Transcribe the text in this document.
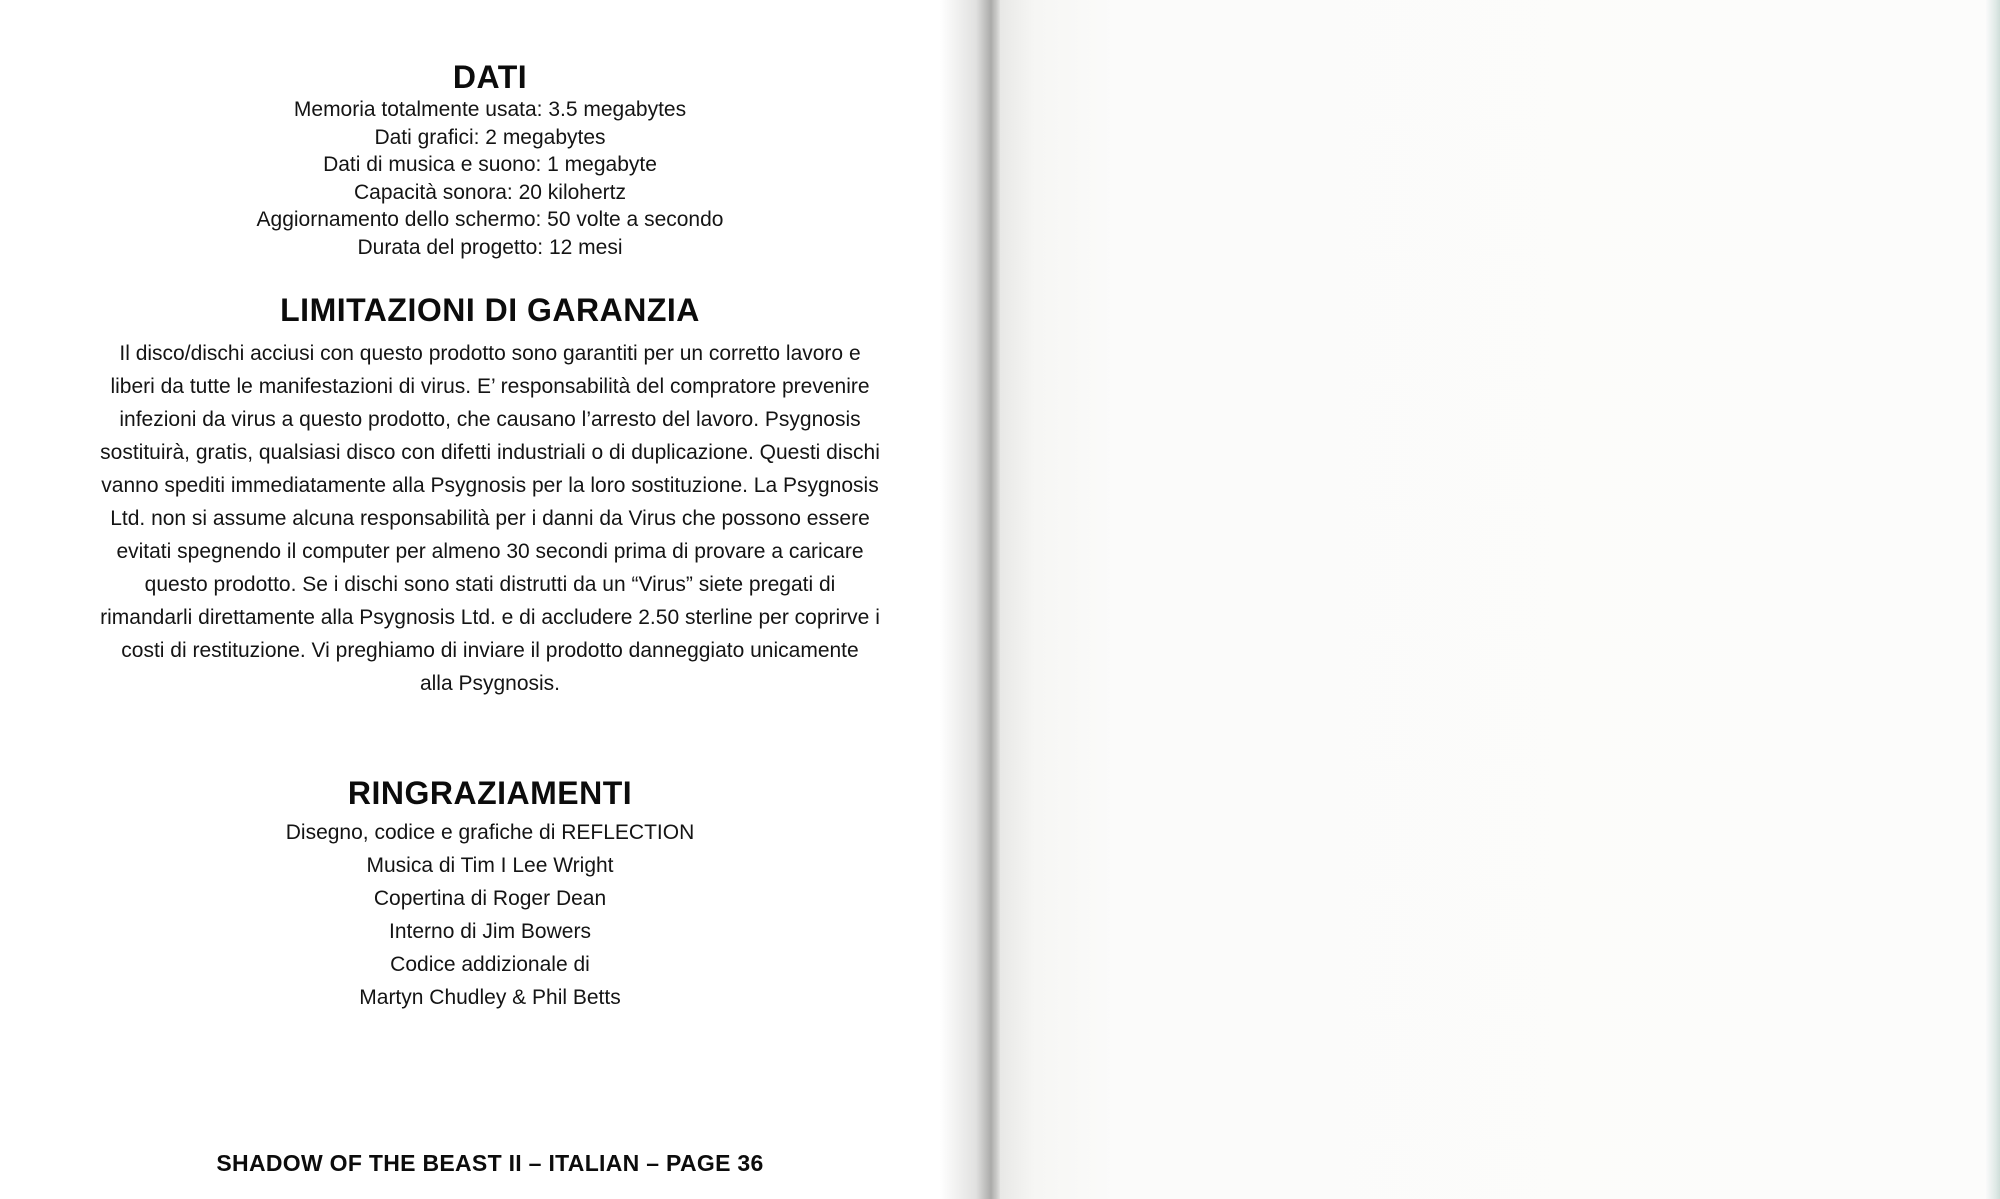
DATI
Memoria totalmente usata: 3.5 megabytes
Dati grafici: 2 megabytes
Dati di musica e suono: 1 megabyte
Capacità sonora: 20 kilohertz
Aggiornamento dello schermo: 50 volte a secondo
Durata del progetto: 12 mesi
LIMITAZIONI DI GARANZIA
Il disco/dischi acciusi con questo prodotto sono garantiti per un corretto lavoro e
liberi da tutte le manifestazioni di virus. E’ responsabilità del compratore prevenire
infezioni da virus a questo prodotto, che causano l’arresto del lavoro. Psygnosis
sostituirà, gratis, qualsiasi disco con difetti industriali o di duplicazione. Questi dischi
vanno spediti immediatamente alla Psygnosis per la loro sostituzione. La Psygnosis
Ltd. non si assume alcuna responsabilità per i danni da Virus che possono essere
evitati spegnendo il computer per almeno 30 secondi prima di provare a caricare
questo prodotto. Se i dischi sono stati distrutti da un “Virus” siete pregati di
rimandarli direttamente alla Psygnosis Ltd. e di accludere 2.50 sterline per coprirve i
costi di restituzione. Vi preghiamo di inviare il prodotto danneggiato unicamente
alla Psygnosis.
RINGRAZIAMENTI
Disegno, codice e grafiche di REFLECTION
Musica di Tim I Lee Wright
Copertina di Roger Dean
Interno di Jim Bowers
Codice addizionale di
Martyn Chudley & Phil Betts
SHADOW OF THE BEAST II – ITALIAN – PAGE 36
